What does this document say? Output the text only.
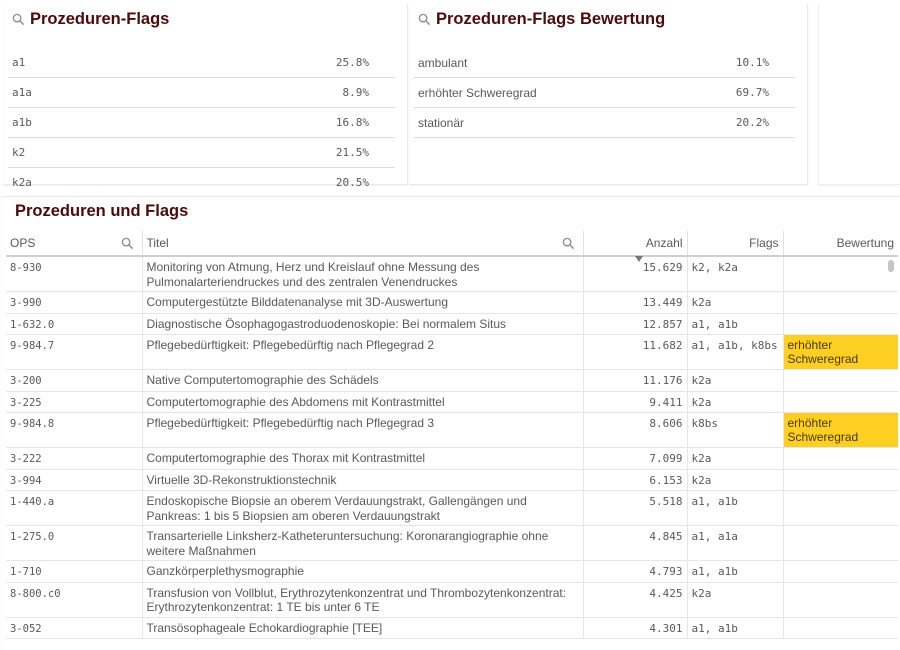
Prozeduren-Flags
a1	25.8%
a1a	8.9%
a1b	16.8%
k2	21.5%
k2a	20.5%
Prozeduren-Flags Bewertung
ambulant	10.1%
erhöhter Schweregrad	69.7%
stationär	20.2%
Prozeduren und Flags
OPS	Titel	Anzahl	Flags	Bewertung
8-930	Monitoring von Atmung, Herz und Kreislauf ohne Messung des Pulmonalarteriendruckes und des zentralen Venendruckes	15.629	k2, k2a	
3-990	Computergestützte Bilddatenanalyse mit 3D-Auswertung	13.449	k2a	
1-632.0	Diagnostische Ösophagogastroduodenoskopie: Bei normalem Situs	12.857	a1, a1b	
9-984.7	Pflegebedürftigkeit: Pflegebedürftig nach Pflegegrad 2	11.682	a1, a1b, k8bs	erhöhter Schweregrad

3-200	Native Computertomographie des Schädels	11.176	k2a	
3-225	Computertomographie des Abdomens mit Kontrastmittel	9.411	k2a	
9-984.8	Pflegebedürftigkeit: Pflegebedürftig nach Pflegegrad 3	8.606	k8bs	erhöhter Schweregrad

3-222	Computertomographie des Thorax mit Kontrastmittel	7.099	k2a	
3-994	Virtuelle 3D-Rekonstruktionstechnik	6.153	k2a	
1-440.a	Endoskopische Biopsie an oberem Verdauungstrakt, Gallengängen und Pankreas: 1 bis 5 Biopsien am oberen Verdauungstrakt	5.518	a1, a1b	
1-275.0	Transarterielle Linksherz-Katheteruntersuchung: Koronarangiographie ohne weitere Maßnahmen	4.845	a1, a1a	
1-710	Ganzkörperplethysmographie	4.793	a1, a1b	
8-800.c0	Transfusion von Vollblut, Erythrozytenkonzentrat und Thrombozytenkonzentrat: Erythrozytenkonzentrat: 1 TE bis unter 6 TE	4.425	k2a	
3-052	Transösophageale Echokardiographie [TEE]	4.301	a1, a1b	
